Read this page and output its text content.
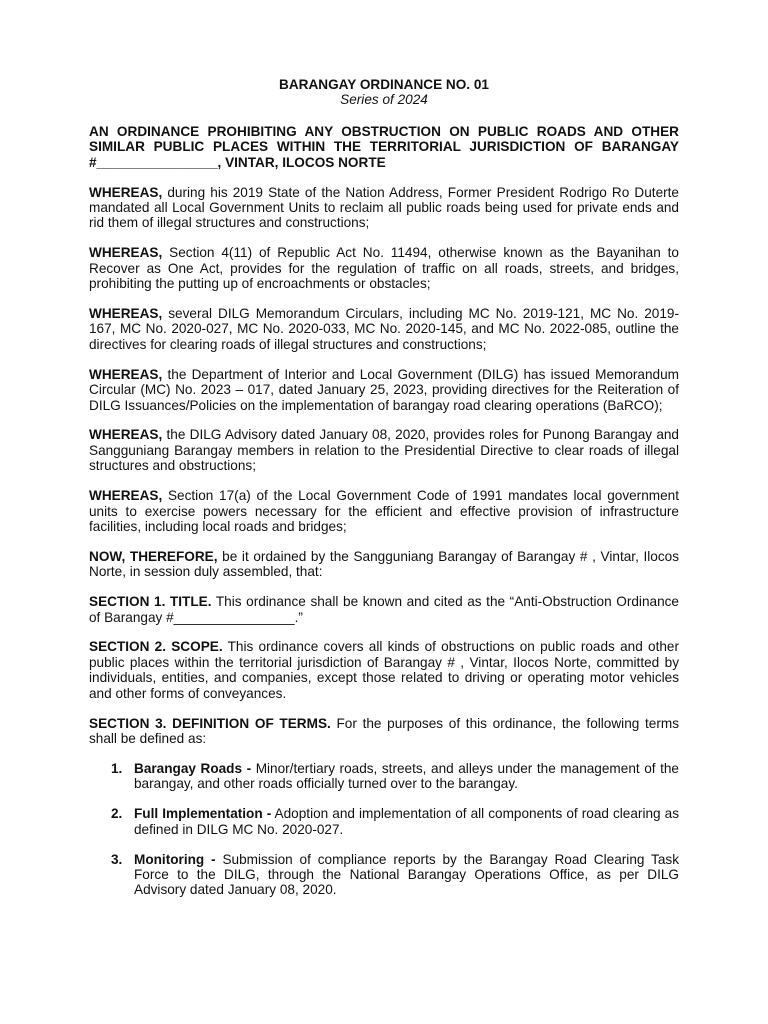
BARANGAY ORDINANCE NO. 01
Series of 2024
AN ORDINANCE PROHIBITING ANY OBSTRUCTION ON PUBLIC ROADS AND OTHER SIMILAR PUBLIC PLACES WITHIN THE TERRITORIAL JURISDICTION OF BARANGAY #________________, VINTAR, ILOCOS NORTE

WHEREAS, during his 2019 State of the Nation Address, Former President Rodrigo Ro Duterte mandated all Local Government Units to reclaim all public roads being used for private ends and rid them of illegal structures and constructions;

WHEREAS, Section 4(11) of Republic Act No. 11494, otherwise known as the Bayanihan to Recover as One Act, provides for the regulation of traffic on all roads, streets, and bridges, prohibiting the putting up of encroachments or obstacles;

WHEREAS, several DILG Memorandum Circulars, including MC No. 2019-121, MC No. 2019-167, MC No. 2020-027, MC No. 2020-033, MC No. 2020-145, and MC No. 2022-085, outline the directives for clearing roads of illegal structures and constructions;

WHEREAS, the Department of Interior and Local Government (DILG) has issued Memorandum Circular (MC) No. 2023 – 017, dated January 25, 2023, providing directives for the Reiteration of DILG Issuances/Policies on the implementation of barangay road clearing operations (BaRCO);

WHEREAS, the DILG Advisory dated January 08, 2020, provides roles for Punong Barangay and Sangguniang Barangay members in relation to the Presidential Directive to clear roads of illegal structures and obstructions;

WHEREAS, Section 17(a) of the Local Government Code of 1991 mandates local government units to exercise powers necessary for the efficient and effective provision of infrastructure facilities, including local roads and bridges;

NOW, THEREFORE, be it ordained by the Sangguniang Barangay of Barangay # , Vintar, Ilocos Norte, in session duly assembled, that:

SECTION 1. TITLE. This ordinance shall be known and cited as the “Anti-Obstruction Ordinance of Barangay #________________.”

SECTION 2. SCOPE. This ordinance covers all kinds of obstructions on public roads and other public places within the territorial jurisdiction of Barangay # , Vintar, Ilocos Norte, committed by individuals, entities, and companies, except those related to driving or operating motor vehicles and other forms of conveyances.

SECTION 3. DEFINITION OF TERMS. For the purposes of this ordinance, the following terms shall be defined as:

1. Barangay Roads - Minor/tertiary roads, streets, and alleys under the management of the barangay, and other roads officially turned over to the barangay.
2. Full Implementation - Adoption and implementation of all components of road clearing as defined in DILG MC No. 2020-027.
3. Monitoring - Submission of compliance reports by the Barangay Road Clearing Task Force to the DILG, through the National Barangay Operations Office, as per DILG Advisory dated January 08, 2020.
